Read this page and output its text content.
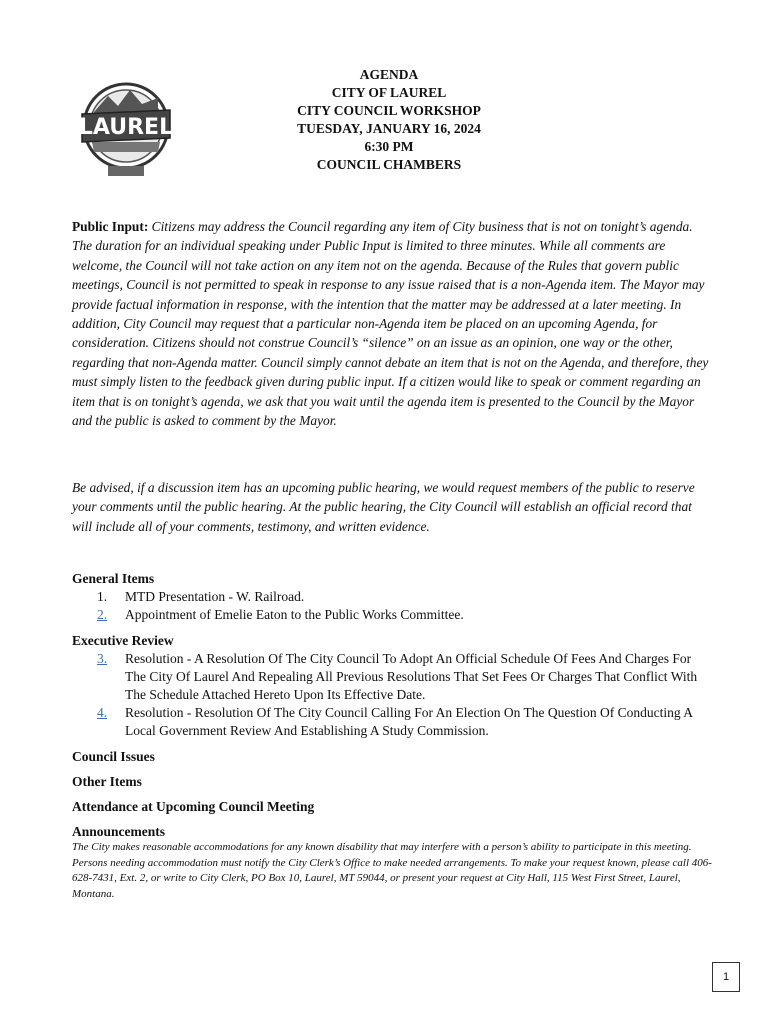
LAUREL
AGENDA
CITY OF LAUREL
CITY COUNCIL WORKSHOP
TUESDAY, JANUARY 16, 2024
6:30 PM
COUNCIL CHAMBERS
Public Input: Citizens may address the Council regarding any item of City business that is not on tonight’s agenda. The duration for an individual speaking under Public Input is limited to three minutes. While all comments are welcome, the Council will not take action on any item not on the agenda. Because of the Rules that govern public meetings, Council is not permitted to speak in response to any issue raised that is a non-Agenda item. The Mayor may provide factual information in response, with the intention that the matter may be addressed at a later meeting. In addition, City Council may request that a particular non-Agenda item be placed on an upcoming Agenda, for consideration. Citizens should not construe Council’s “silence” on an issue as an opinion, one way or the other, regarding that non-Agenda matter. Council simply cannot debate an item that is not on the Agenda, and therefore, they must simply listen to the feedback given during public input. If a citizen would like to speak or comment regarding an item that is on tonight’s agenda, we ask that you wait until the agenda item is presented to the Council by the Mayor and the public is asked to comment by the Mayor.
Be advised, if a discussion item has an upcoming public hearing, we would request members of the public to reserve your comments until the public hearing. At the public hearing, the City Council will establish an official record that will include all of your comments, testimony, and written evidence.
General Items
1.	MTD Presentation - W. Railroad.
2.	Appointment of Emelie Eaton to the Public Works Committee.
Executive Review
3.	Resolution - A Resolution Of The City Council To Adopt An Official Schedule Of Fees And Charges For The City Of Laurel And Repealing All Previous Resolutions That Set Fees Or Charges That Conflict With The Schedule Attached Hereto Upon Its Effective Date.
4.	Resolution - Resolution Of The City Council Calling For An Election On The Question Of Conducting A Local Government Review And Establishing A Study Commission.
Council Issues
Other Items
Attendance at Upcoming Council Meeting
Announcements
The City makes reasonable accommodations for any known disability that may interfere with a person’s ability to participate in this meeting. Persons needing accommodation must notify the City Clerk’s Office to make needed arrangements. To make your request known, please call 406-628-7431, Ext. 2, or write to City Clerk, PO Box 10, Laurel, MT 59044, or present your request at City Hall, 115 West First Street, Laurel, Montana.
1
